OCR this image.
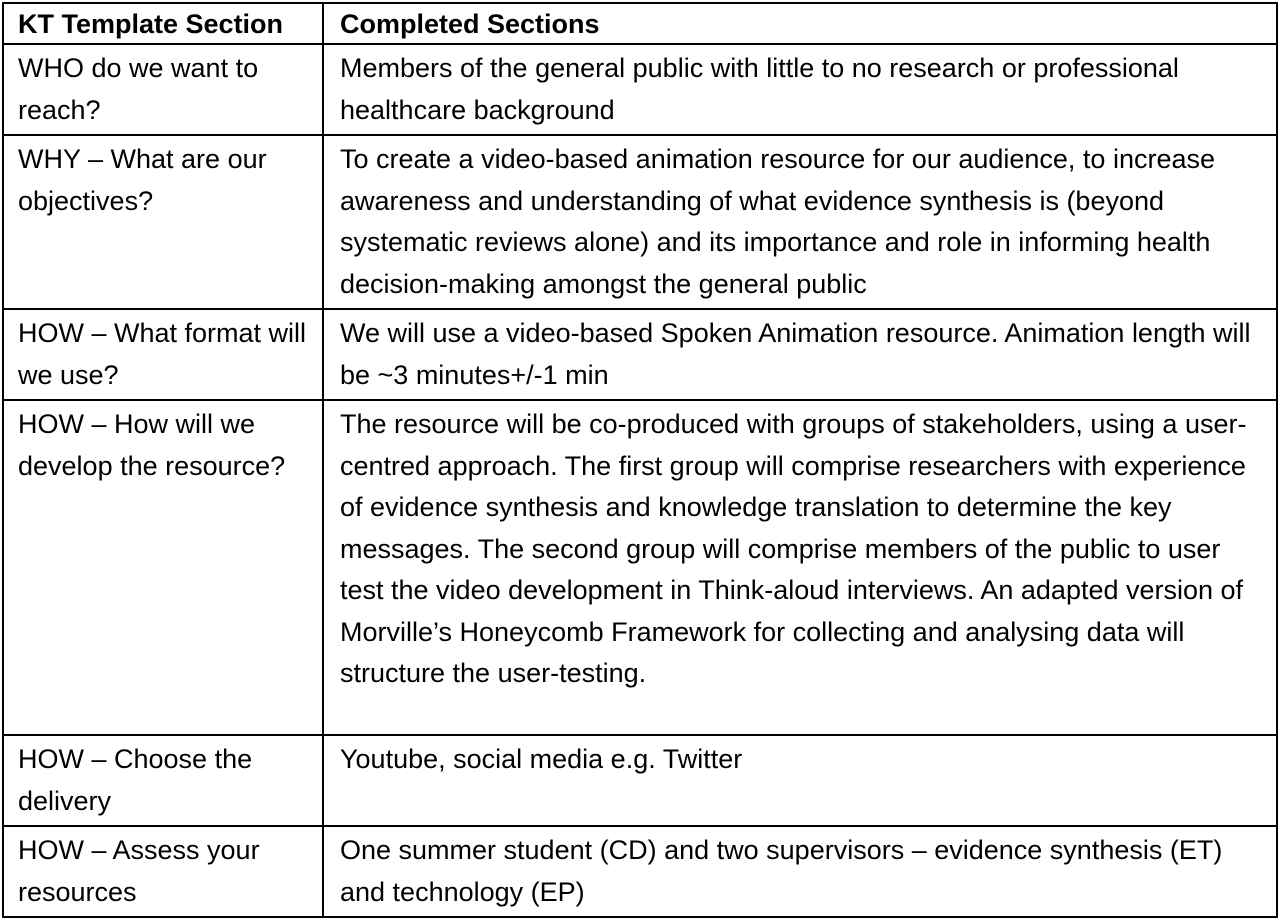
KT Template Section	Completed Sections
WHO do we want to reach?	Members of the general public with little to no research or professional healthcare background
WHY – What are our objectives?	To create a video-based animation resource for our audience, to increase awareness and understanding of what evidence synthesis is (beyond systematic reviews alone) and its importance and role in informing health decision-making amongst the general public
HOW – What format will we use?	We will use a video-based Spoken Animation resource. Animation length will be ~3 minutes+/-1 min
HOW – How will we develop the resource?	The resource will be co-produced with groups of stakeholders, using a user-centred approach. The first group will comprise researchers with experience of evidence synthesis and knowledge translation to determine the key messages. The second group will comprise members of the public to user test the video development in Think-aloud interviews. An adapted version of Morville’s Honeycomb Framework for collecting and analysing data will structure the user-testing.
HOW – Choose the delivery	Youtube, social media e.g. Twitter
HOW – Assess your resources	One summer student (CD) and two supervisors – evidence synthesis (ET) and technology (EP)
